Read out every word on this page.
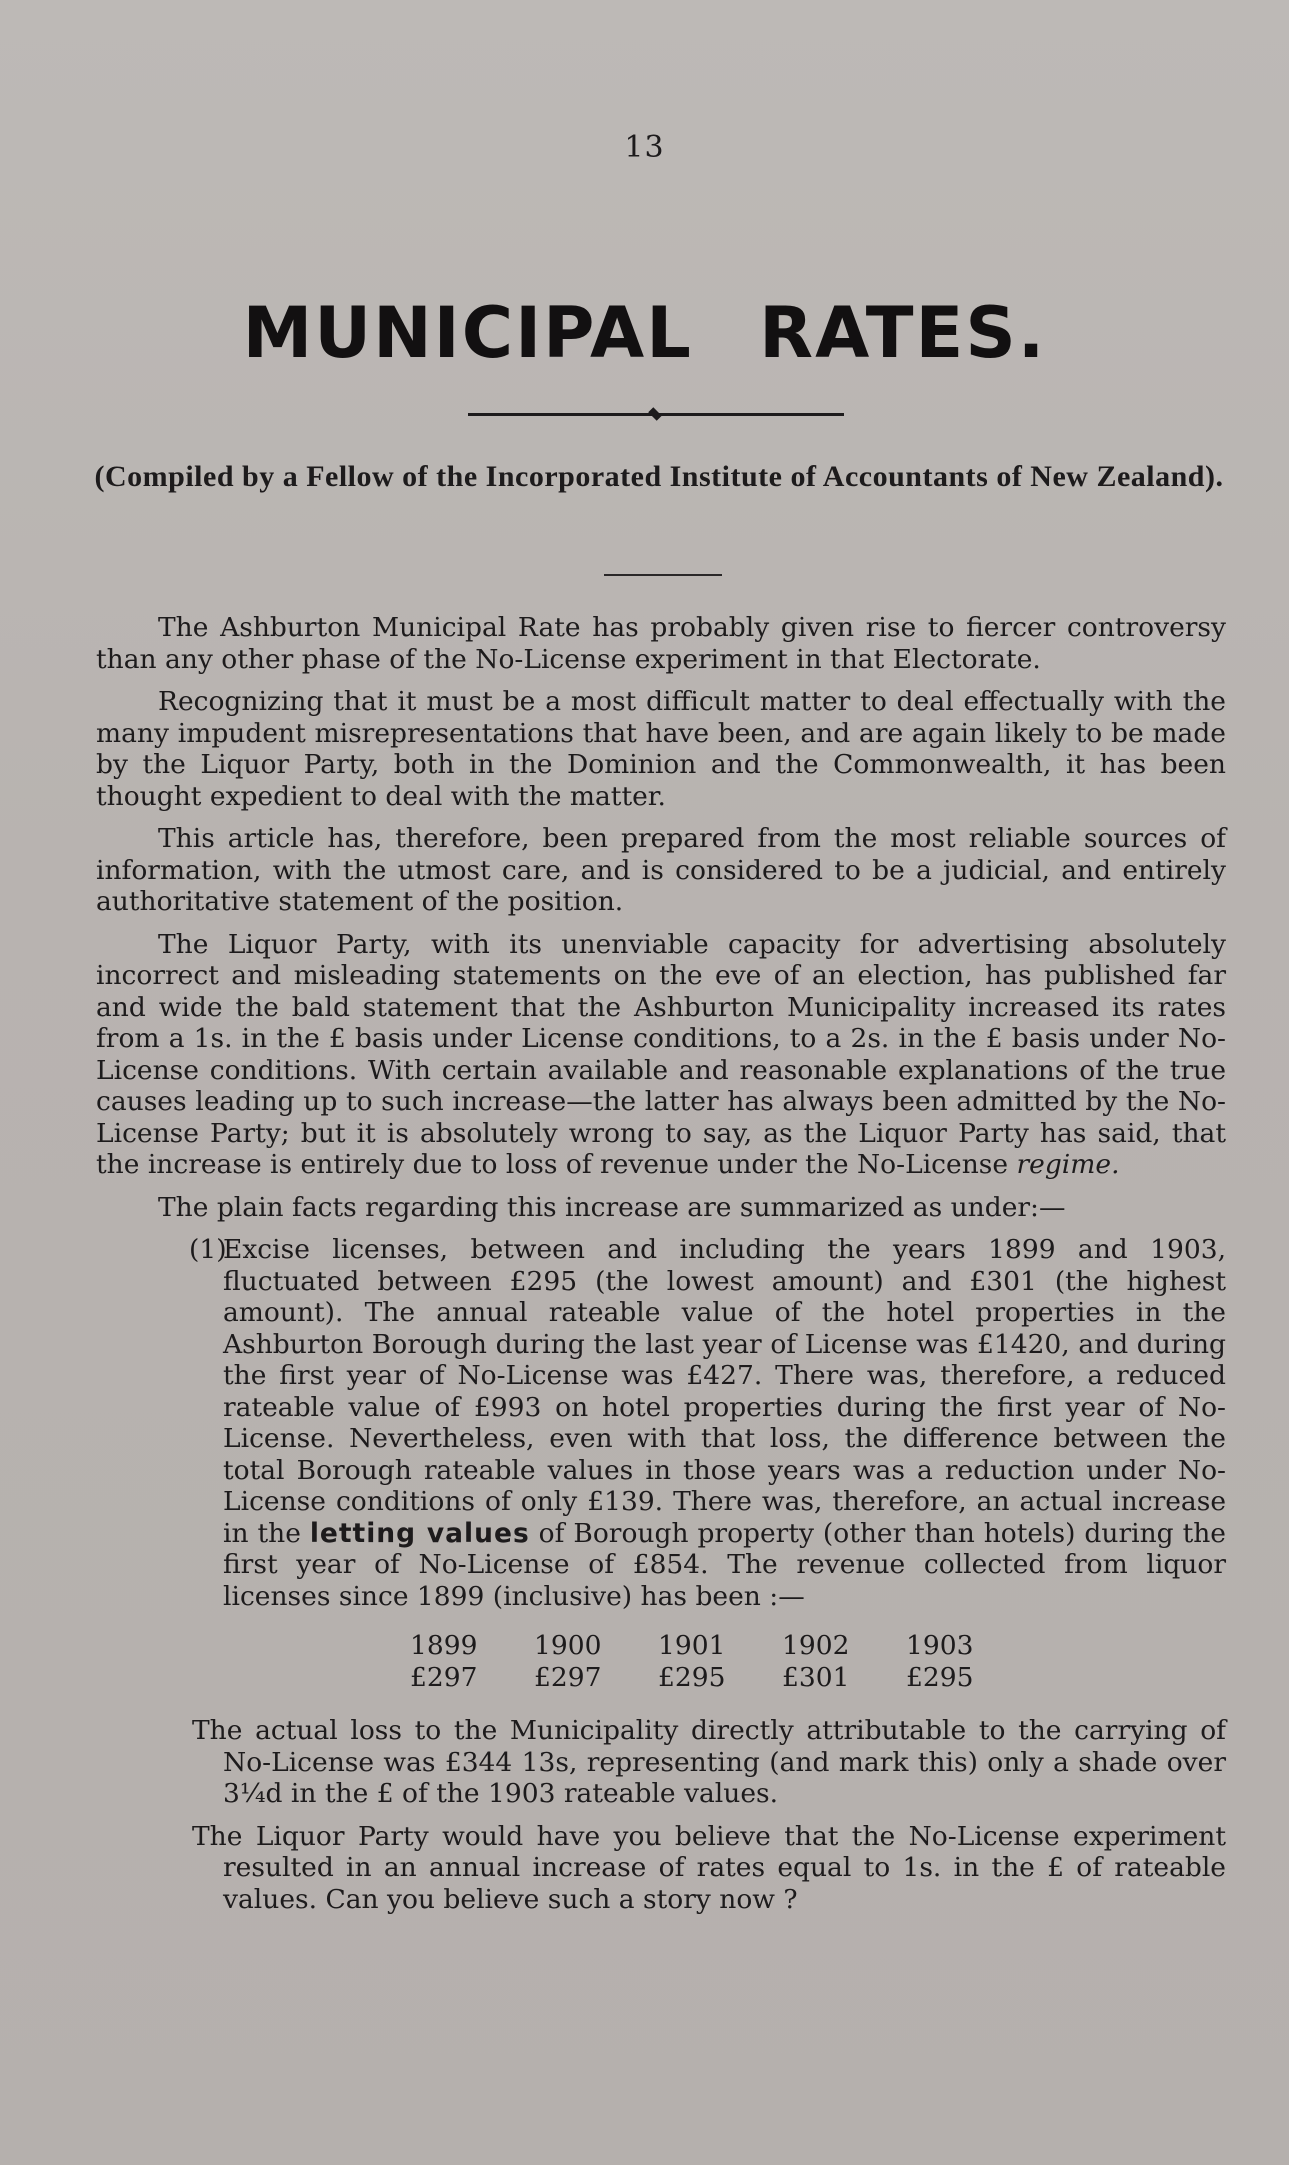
13
MUNICIPAL RATES.
(Compiled by a Fellow of the Incorporated Institute of Accountants of New Zealand).

The Ashburton Municipal Rate has probably given rise to fiercer controversy than any other phase of the No-License experiment in that Electorate.

Recognizing that it must be a most difficult matter to deal effectually with the many impudent misrepresentations that have been, and are again likely to be made by the Liquor Party, both in the Dominion and the Commonwealth, it has been thought expedient to deal with the matter.

This article has, therefore, been prepared from the most reliable sources of information, with the utmost care, and is considered to be a judicial, and entirely authoritative statement of the position.

The Liquor Party, with its unenviable capacity for advertising absolutely incorrect and misleading statements on the eve of an election, has published far and wide the bald statement that the Ashburton Municipality increased its rates from a 1s. in the £ basis under License conditions, to a 2s. in the £ basis under No-License conditions. With certain available and reasonable explanations of the true causes leading up to such increase—the latter has always been admitted by the No-License Party; but it is absolutely wrong to say, as the Liquor Party has said, that the increase is entirely due to loss of revenue under the No-License regime.

The plain facts regarding this increase are summarized as under:—

(1)
Excise licenses, between and including the years 1899 and 1903, fluctuated between £295 (the lowest amount) and £301 (the highest amount). The annual rateable value of the hotel properties in the Ashburton Borough during the last year of License was £1420, and during the first year of No-License was £427. There was, therefore, a reduced rateable value of £993 on hotel properties during the first year of No-License. Nevertheless, even with that loss, the difference between the total Borough rateable values in those years was a reduction under No-License conditions of only £139. There was, therefore, an actual increase in the letting values of Borough property (other than hotels) during the first year of No-License of £854. The revenue collected from liquor licenses since 1899 (inclusive) has been :—

1899	1900	1901	1902	1903
£297	£297	£295	£301	£295

The actual loss to the Municipality directly attributable to the carrying of No-License was £344 13s, representing (and mark this) only a shade over 3¼d in the £ of the 1903 rateable values.

The Liquor Party would have you believe that the No-License experiment resulted in an annual increase of rates equal to 1s. in the £ of rateable values. Can you believe such a story now ?
